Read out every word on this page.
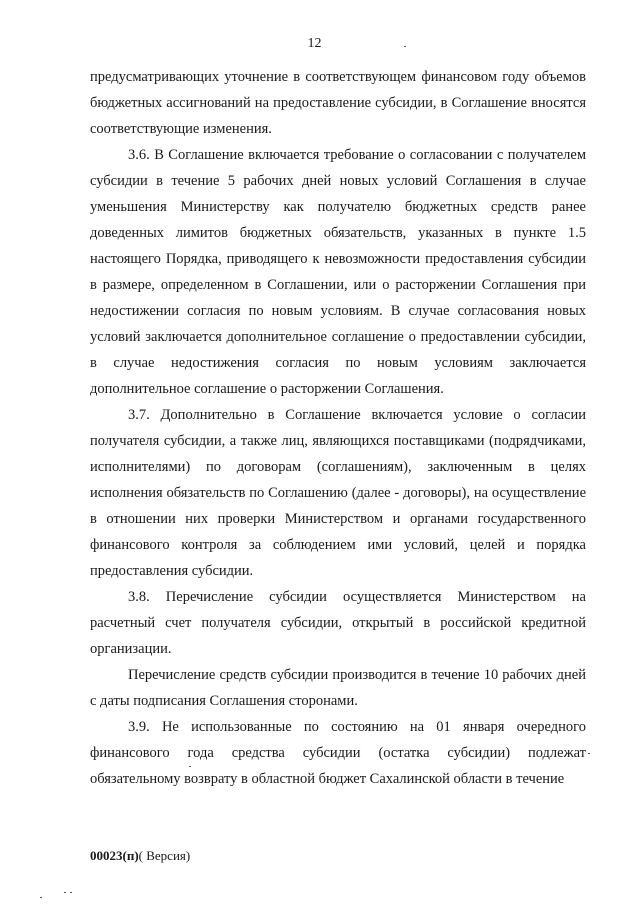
12

предусматривающих уточнение в соответствующем финансовом году объемов бюджетных ассигнований на предоставление субсидии, в Соглашение вносятся соответствующие изменения.

3.6. В Соглашение включается требование о согласовании с получателем субсидии в течение 5 рабочих дней новых условий Соглашения в случае уменьшения Министерству как получателю бюджетных средств ранее доведенных лимитов бюджетных обязательств, указанных в пункте 1.5 настоящего Порядка, приводящего к невозможности предоставления субсидии в размере, определенном в Соглашении, или о расторжении Соглашения при недостижении согласия по новым условиям. В случае согласования новых условий заключается дополнительное соглашение о предоставлении субсидии, в случае недостижения согласия по новым условиям заключается дополнительное соглашение о расторжении Соглашения.

3.7. Дополнительно в Соглашение включается условие о согласии получателя субсидии, а также лиц, являющихся поставщиками (подрядчиками, исполнителями) по договорам (соглашениям), заключенным в целях исполнения обязательств по Соглашению (далее - договоры), на осуществление в отношении них проверки Министерством и органами государственного финансового контроля за соблюдением ими условий, целей и порядка предоставления субсидии.

3.8. Перечисление субсидии осуществляется Министерством на расчетный счет получателя субсидии, открытый в российской кредитной организации.

Перечисление средств субсидии производится в течение 10 рабочих дней с даты подписания Соглашения сторонами.

3.9. Не использованные по состоянию на 01 января очередного финансового года средства субсидии (остатка субсидии) подлежат обязательному возврату в областной бюджет Сахалинской области в течение

00023(п)( Версия)
